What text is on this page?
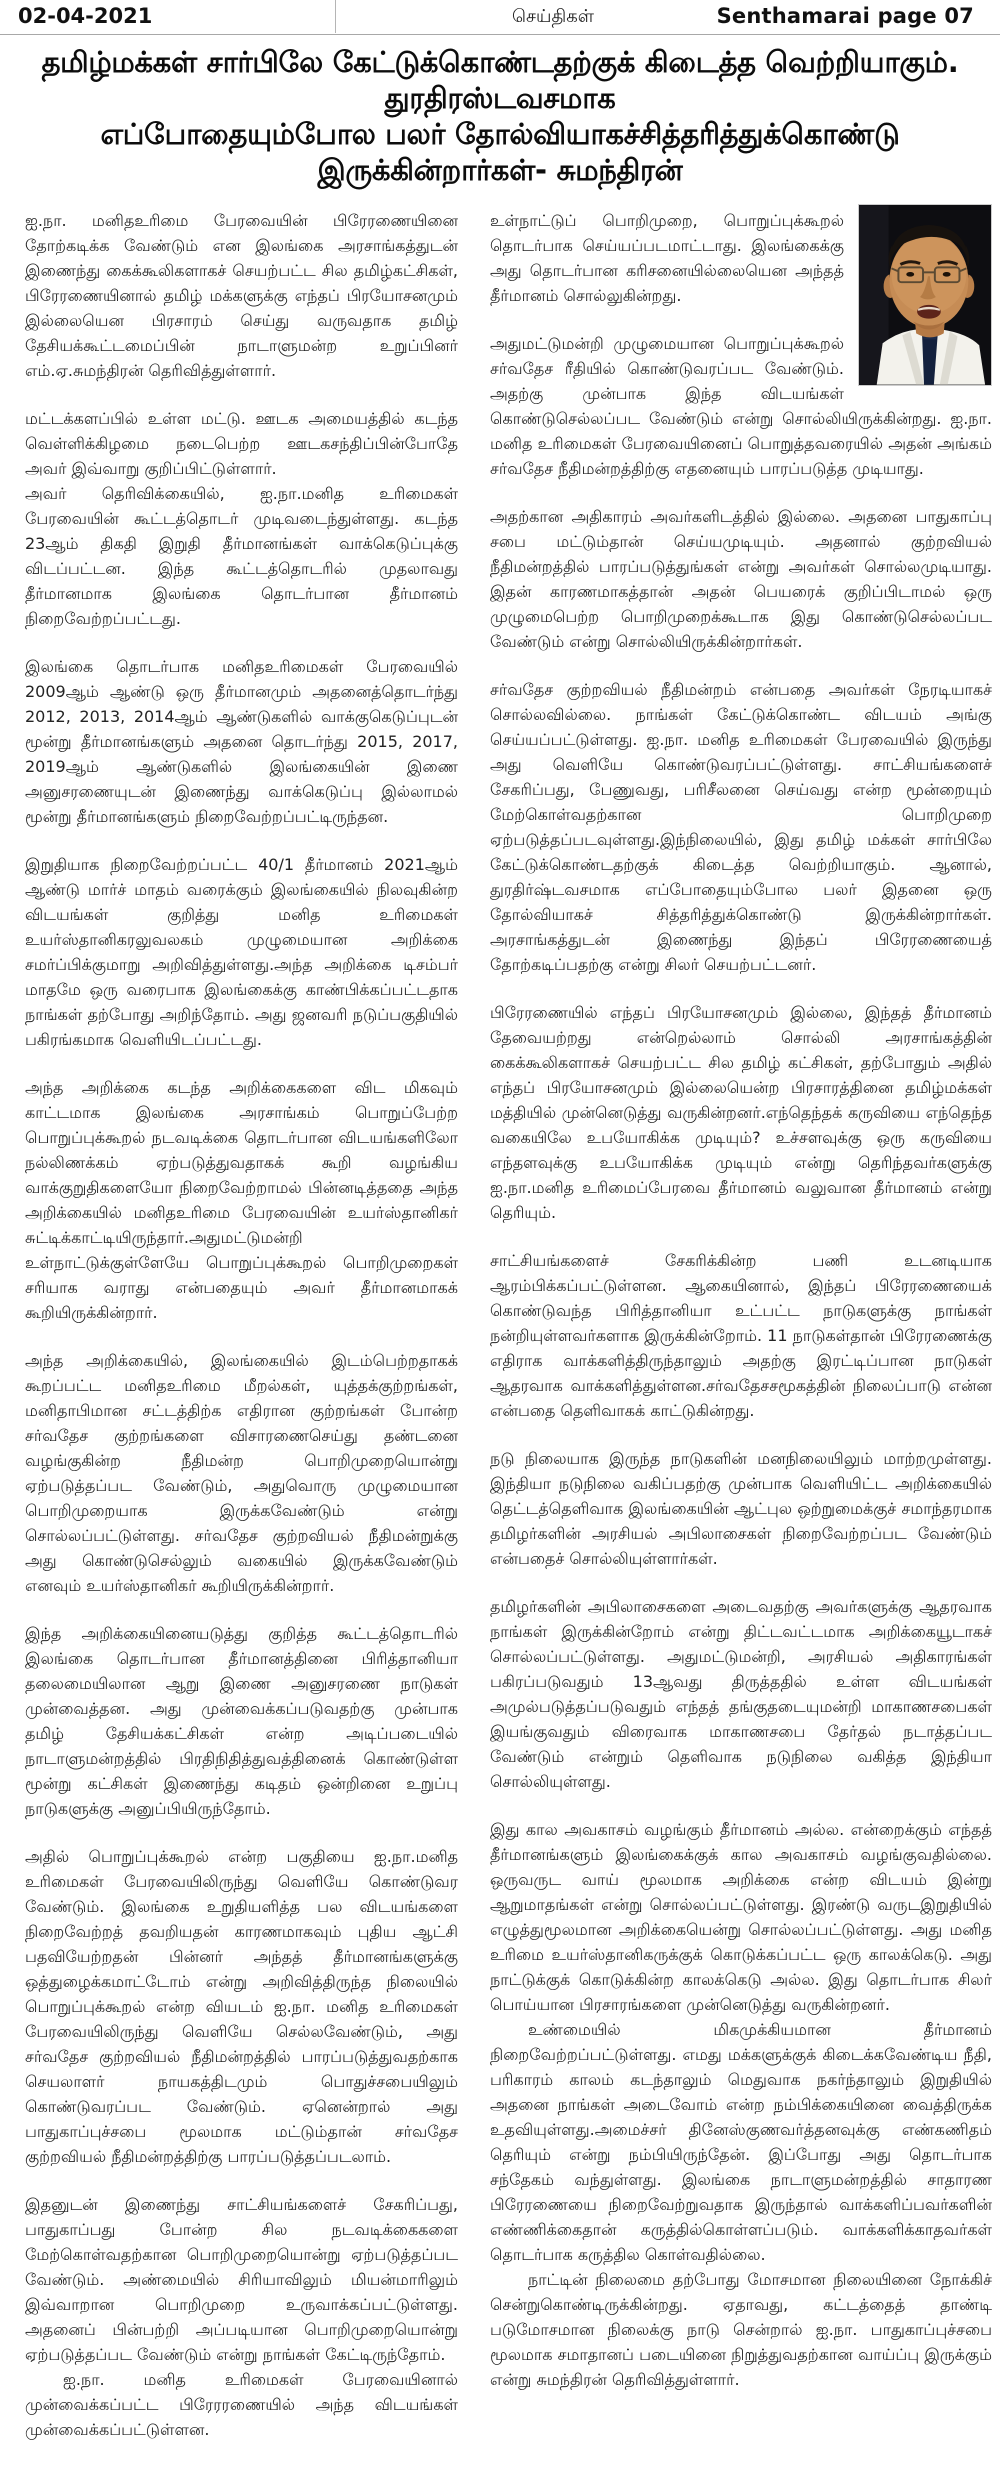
02-04-2021	செய்திகள்	Senthamarai page 07
தமிழ்மக்கள் சார்பிலே கேட்டுக்கொண்டதற்குக் கிடைத்த வெற்றியாகும். துரதிரஸ்டவசமாக
எப்போதையும்போல பலர் தோல்வியாகச்சித்தரித்துக்கொண்டு இருக்கின்றார்கள்- சுமந்திரன்

ஐ.நா. மனிதஉரிமை பேரவையின் பிரேரணையினை தோற்கடிக்க வேண்டும் என இலங்கை அரசாங்கத்துடன் இணைந்து கைக்கூலிகளாகச் செயற்பட்ட சில தமிழ்கட்சிகள், பிரேரணையினால் தமிழ் மக்களுக்கு எந்தப் பிரயோசனமும் இல்லையென பிரசாரம் செய்து வருவதாக தமிழ் தேசியக்கூட்டமைப்பின் நாடாளுமன்ற உறுப்பினர் எம்.ஏ.சுமந்திரன் தெரிவித்துள்ளார்.

மட்டக்களப்பில் உள்ள மட்டு. ஊடக அமையத்தில் கடந்த வெள்ளிக்கிழமை நடைபெற்ற ஊடகசந்திப்பின்போதே அவர் இவ்வாறு குறிப்பிட்டுள்ளார்.

அவர் தெரிவிக்கையில், ஐ.நா.மனித உரிமைகள் பேரவையின் கூட்டத்தொடர் முடிவடைந்துள்ளது. கடந்த 23ஆம் திகதி இறுதி தீர்மானங்கள் வாக்கெடுப்புக்கு விடப்பட்டன. இந்த கூட்டத்தொடரில் முதலாவது தீர்மானமாக இலங்கை தொடர்பான தீர்மானம் நிறைவேற்றப்பட்டது.

இலங்கை தொடர்பாக மனிதஉரிமைகள் பேரவையில் 2009ஆம் ஆண்டு ஒரு தீர்மானமும் அதனைத்தொடர்ந்து 2012, 2013, 2014ஆம் ஆண்டுகளில் வாக்குகெடுப்புடன் மூன்று தீர்மானங்களும் அதனை தொடர்ந்து 2015, 2017, 2019ஆம் ஆண்டுகளில் இலங்கையின் இணை அனுசரணையுடன் இணைந்து வாக்கெடுப்பு இல்லாமல் மூன்று தீர்மானங்களும் நிறைவேற்றப்பட்டிருந்தன.

இறுதியாக நிறைவேற்றப்பட்ட 40/1 தீர்மானம் 2021ஆம் ஆண்டு மார்ச் மாதம் வரைக்கும் இலங்கையில் நிலவுகின்ற விடயங்கள் குறித்து மனித உரிமைகள் உயர்ஸ்தானிகரலுவலகம் முழுமையான அறிக்கை சமர்ப்பிக்குமாறு அறிவித்துள்ளது.அந்த அறிக்கை டிசம்பர் மாதமே ஒரு வரைபாக இலங்கைக்கு காண்பிக்கப்பட்டதாக நாங்கள் தற்போது அறிந்தோம். அது ஜனவரி நடுப்பகுதியில் பகிரங்கமாக வெளியிடப்பட்டது.

அந்த அறிக்கை கடந்த அறிக்கைகளை விட மிகவும் காட்டமாக இலங்கை அரசாங்கம் பொறுப்பேற்ற பொறுப்புக்கூறல் நடவடிக்கை தொடர்பான விடயங்களிலோ நல்லிணக்கம் ஏற்படுத்துவதாகக் கூறி வழங்கிய வாக்குறுதிகளையோ நிறைவேற்றாமல் பின்னடித்ததை அந்த அறிக்கையில் மனிதஉரிமை பேரவையின் உயர்ஸ்தானிகர் சுட்டிக்காட்டியிருந்தார்.அதுமட்டுமன்றி உள்நாட்டுக்குள்ளேயே பொறுப்புக்கூறல் பொறிமுறைகள் சரியாக வராது என்பதையும் அவர் தீர்மானமாகக் கூறியிருக்கின்றார்.

அந்த அறிக்கையில், இலங்கையில் இடம்பெற்றதாகக் கூறப்பட்ட மனிதஉரிமை மீறல்கள், யுத்தக்குற்றங்கள், மனிதாபிமான சட்டத்திற்க எதிரான குற்றங்கள் போன்ற சர்வதேச குற்றங்களை விசாரணைசெய்து தண்டனை வழங்குகின்ற நீதிமன்ற பொறிமுறையொன்று ஏற்படுத்தப்பட வேண்டும், அதுவொரு முழுமையான பொறிமுறையாக இருக்கவேண்டும் என்று சொல்லப்பட்டுள்ளது. சர்வதேச குற்றவியல் நீதிமன்றுக்கு அது கொண்டுசெல்லும் வகையில் இருக்கவேண்டும் எனவும் உயர்ஸ்தானிகர் கூறியிருக்கின்றார்.

இந்த அறிக்கையினையடுத்து குறித்த கூட்டத்தொடரில் இலங்கை தொடர்பான தீர்மானத்தினை பிரித்தானியா தலைமையிலான ஆறு இணை அனுசரணை நாடுகள் முன்வைத்தன. அது முன்வைக்கப்படுவதற்கு முன்பாக தமிழ் தேசியக்கட்சிகள் என்ற அடிப்படையில் நாடாளுமன்றத்தில் பிரதிநிதித்துவத்தினைக் கொண்டுள்ள மூன்று கட்சிகள் இணைந்து கடிதம் ஒன்றினை உறுப்பு நாடுகளுக்கு அனுப்பியிருந்தோம்.

அதில் பொறுப்புக்கூறல் என்ற பகுதியை ஐ.நா.மனித உரிமைகள் பேரவையிலிருந்து வெளியே கொண்டுவர வேண்டும். இலங்கை உறுதியளித்த பல விடயங்களை நிறைவேற்றத் தவறியதன் காரணமாகவும் புதிய ஆட்சி பதவியேற்றதன் பின்னர் அந்தத் தீர்மானங்களுக்கு ஒத்துழைக்கமாட்டோம் என்று அறிவித்திருந்த நிலையில் பொறுப்புக்கூறல் என்ற வியடம் ஐ.நா. மனித உரிமைகள் பேரவையிலிருந்து வெளியே செல்லவேண்டும், அது சர்வதேச குற்றவியல் நீதிமன்றத்தில் பாரப்படுத்துவதற்காக செயலாளர் நாயகத்திடமும் பொதுச்சபையிலும் கொண்டுவரப்பட வேண்டும். ஏனென்றால் அது பாதுகாப்புச்சபை மூலமாக மட்டும்தான் சர்வதேச குற்றவியல் நீதிமன்றத்திற்கு பாரப்படுத்தப்படலாம்.

இதனுடன் இணைந்து சாட்சியங்களைச் சேகரிப்பது, பாதுகாப்பது போன்ற சில நடவடிக்கைகளை மேற்கொள்வதற்கான பொறிமுறையொன்று ஏற்படுத்தப்பட வேண்டும். அண்மையில் சிரியாவிலும் மியன்மாரிலும் இவ்வாறான பொறிமுறை உருவாக்கப்பட்டுள்ளது. அதனைப் பின்பற்றி அப்படியான பொறிமுறையொன்று ஏற்படுத்தப்பட வேண்டும் என்று நாங்கள் கேட்டிருந்தோம்.

ஐ.நா. மனித உரிமைகள் பேரவையினால் முன்வைக்கப்பட்ட பிரேரரணையில் அந்த விடயங்கள் முன்வைக்கப்பட்டுள்ளன.

உள்நாட்டுப் பொறிமுறை, பொறுப்புக்கூறல் தொடர்பாக செய்யப்படமாட்டாது. இலங்கைக்கு அது தொடர்பான கரிசனையில்லையென அந்தத் தீர்மானம் சொல்லுகின்றது.

அதுமட்டுமன்றி முழுமையான பொறுப்புக்கூறல் சர்வதேச ரீதியில் கொண்டுவரப்பட வேண்டும். அதற்கு முன்பாக இந்த விடயங்கள் கொண்டுசெல்லப்பட வேண்டும் என்று சொல்லியிருக்கின்றது. ஐ.நா. மனித உரிமைகள் பேரவையினைப் பொறுத்தவரையில் அதன் அங்கம் சர்வதேச நீதிமன்றத்திற்கு எதனையும் பாரப்படுத்த முடியாது.

அதற்கான அதிகாரம் அவர்களிடத்தில் இல்லை. அதனை பாதுகாப்பு சபை மட்டும்தான் செய்யமுடியும். அதனால் குற்றவியல் நீதிமன்றத்தில் பாரப்படுத்துங்கள் என்று அவர்கள் சொல்லமுடியாது. இதன் காரணமாகத்தான் அதன் பெயரைக் குறிப்பிடாமல் ஒரு முழுமைபெற்ற பொறிமுறைக்கூடாக இது கொண்டுசெல்லப்பட வேண்டும் என்று சொல்லியிருக்கின்றார்கள்.

சர்வதேச குற்றவியல் நீதிமன்றம் என்பதை அவர்கள் நேரடியாகச் சொல்லவில்லை. நாங்கள் கேட்டுக்கொண்ட விடயம் அங்கு செய்யப்பட்டுள்ளது. ஐ.நா. மனித உரிமைகள் பேரவையில் இருந்து அது வெளியே கொண்டுவரப்பட்டுள்ளது. சாட்சியங்களைச் சேகரிப்பது, பேணுவது, பரிசீலனை செய்வது என்ற மூன்றையும் மேற்கொள்வதற்கான பொறிமுறை ஏற்படுத்தப்படவுள்ளது.இந்நிலையில், இது தமிழ் மக்கள் சார்பிலே கேட்டுக்கொண்டதற்குக் கிடைத்த வெற்றியாகும். ஆனால், துரதிர்ஷ்டவசமாக எப்போதையும்போல பலர் இதனை ஒரு தோல்வியாகச் சித்தரித்துக்கொண்டு இருக்கின்றார்கள். அரசாங்கத்துடன் இணைந்து இந்தப் பிரேரணையைத் தோற்கடிப்பதற்கு என்று சிலர் செயற்பட்டனர்.

பிரேரணையில் எந்தப் பிரயோசனமும் இல்லை, இந்தத் தீர்மானம் தேவையற்றது என்றெல்லாம் சொல்லி அரசாங்கத்தின் கைக்கூலிகளாகச் செயற்பட்ட சில தமிழ் கட்சிகள், தற்போதும் அதில் எந்தப் பிரயோசனமும் இல்லையென்ற பிரசாரத்தினை தமிழ்மக்கள் மத்தியில் முன்னெடுத்து வருகின்றனர்.எந்தெந்தக் கருவியை எந்தெந்த வகையிலே உபயோகிக்க முடியும்? உச்சளவுக்கு ஒரு கருவியை எந்தளவுக்கு உபயோகிக்க முடியும் என்று தெரிந்தவர்களுக்கு ஐ.நா.மனித உரிமைப்பேரவை தீர்மானம் வலுவான தீர்மானம் என்று தெரியும்.

சாட்சியங்களைச் சேகரிக்கின்ற பணி உடனடியாக ஆரம்பிக்கப்பட்டுள்ளன. ஆகையினால், இந்தப் பிரேரணையைக் கொண்டுவந்த பிரித்தானியா உட்பட்ட நாடுகளுக்கு நாங்கள் நன்றியுள்ளவர்களாக இருக்கின்றோம். 11 நாடுகள்தான் பிரேரணைக்கு எதிராக வாக்களித்திருந்தாலும் அதற்கு இரட்டிப்பான நாடுகள் ஆதரவாக வாக்களித்துள்ளன.சர்வதேசசமூகத்தின் நிலைப்பாடு என்ன என்பதை தெளிவாகக் காட்டுகின்றது.

நடு நிலையாக இருந்த நாடுகளின் மனநிலையிலும் மாற்றமுள்ளது. இந்தியா நடுநிலை வகிப்பதற்கு முன்பாக வெளியிட்ட அறிக்கையில் தெட்டத்தெளிவாக இலங்கையின் ஆட்புல ஒற்றுமைக்குச் சமாந்தரமாக தமிழர்களின் அரசியல் அபிலாசைகள் நிறைவேற்றப்பட வேண்டும் என்பதைச் சொல்லியுள்ளார்கள்.

தமிழர்களின் அபிலாசைகளை அடைவதற்கு அவர்களுக்கு ஆதரவாக நாங்கள் இருக்கின்றோம் என்று திட்டவட்டமாக அறிக்கையூடாகச் சொல்லப்பட்டுள்ளது. அதுமட்டுமன்றி, அரசியல் அதிகாரங்கள் பகிரப்படுவதும் 13ஆவது திருத்ததில் உள்ள விடயங்கள் அமுல்படுத்தப்படுவதும் எந்தத் தங்குதடையுமன்றி மாகாணசபைகள் இயங்குவதும் விரைவாக மாகாணசபை தேர்தல் நடாத்தப்பட வேண்டும் என்றும் தெளிவாக நடுநிலை வகித்த இந்தியா சொல்லியுள்ளது.

இது கால அவகாசம் வழங்கும் தீர்மானம் அல்ல. என்றைக்கும் எந்தத் தீர்மானங்களும் இலங்கைக்குக் கால அவகாசம் வழங்குவதில்லை. ஒருவருட வாய் மூலமாக அறிக்கை என்ற விடயம் இன்று ஆறுமாதங்கள் என்று சொல்லப்பட்டுள்ளது. இரண்டு வருடஇறுதியில் எழுத்துமூலமான அறிக்கையென்று சொல்லப்பட்டுள்ளது. அது மனித உரிமை உயர்ஸ்தானிகருக்குக் கொடுக்கப்பட்ட ஒரு காலக்கெடு. அது நாட்டுக்குக் கொடுக்கின்ற காலக்கெடு அல்ல. இது தொடர்பாக சிலர் பொய்யான பிரசாரங்களை முன்னெடுத்து வருகின்றனர்.

உண்மையில் மிகமுக்கியமான தீர்மானம் நிறைவேற்றப்பட்டுள்ளது. எமது மக்களுக்குக் கிடைக்கவேண்டிய நீதி, பரிகாரம் காலம் கடந்தாலும் மெதுவாக நகர்ந்தாலும் இறுதியில் அதனை நாங்கள் அடைவோம் என்ற நம்பிக்கையினை வைத்திருக்க உதவியுள்ளது.அமைச்சர் தினேஸ்குணவர்த்தனவுக்கு எண்கணிதம் தெரியும் என்று நம்பியிருந்தேன். இப்போது அது தொடர்பாக சந்தேகம் வந்துள்ளது. இலங்கை நாடாளுமன்றத்தில் சாதாரண பிரேரணையை நிறைவேற்றுவதாக இருந்தால் வாக்களிப்பவர்களின் எண்ணிக்கைதான் கருத்தில்கொள்ளப்படும். வாக்களிக்காதவர்கள் தொடர்பாக கருத்தில கொள்வதில்லை.

நாட்டின் நிலைமை தற்போது மோசமான நிலையினை நோக்கிச் சென்றுகொண்டிருக்கின்றது. ஏதாவது, கட்டத்தைத் தாண்டி படுமோசமான நிலைக்கு நாடு சென்றால் ஐ.நா. பாதுகாப்புச்சபை மூலமாக சமாதானப் படையினை நிறுத்துவதற்கான வாய்ப்பு இருக்கும் என்று சுமந்திரன் தெரிவித்துள்ளார்.
